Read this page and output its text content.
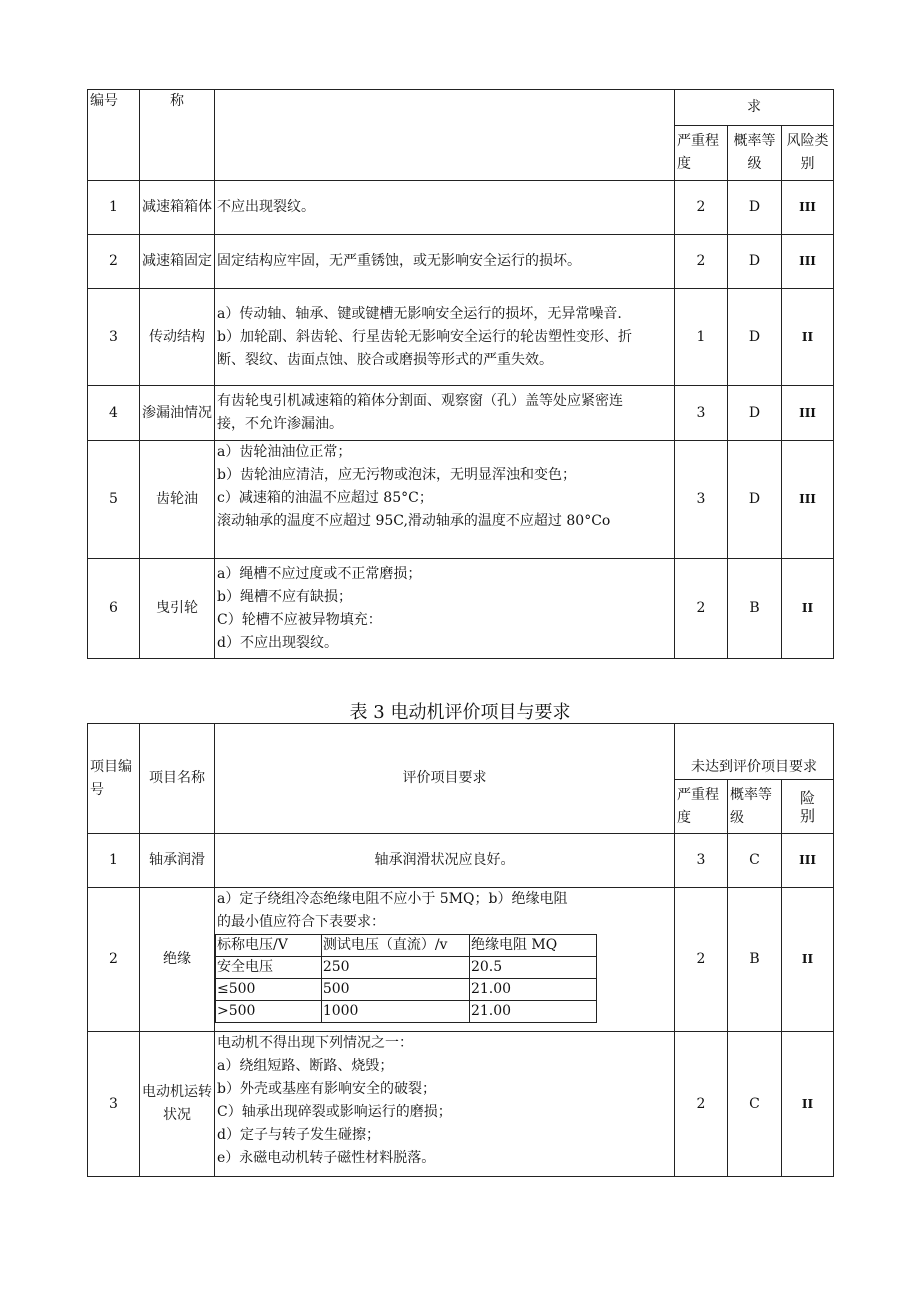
编号	称		求		
			严重程度	概率等级	风险类别
1	减速箱箱体	不应出现裂纹。	2	D	III
2	减速箱固定	固定结构应牢固，无严重锈蚀，或无影响安全运行的损坏。	2	D	III
3	传动结构	a）传动轴、轴承、键或键槽无影响安全运行的损坏，无异常噪音.
b）加轮副、斜齿轮、行星齿轮无影响安全运行的轮齿塑性变形、折
断、裂纹、齿面点蚀、胶合或磨损等形式的严重失效。	1	D	II
4	渗漏油情况	有齿轮曳引机减速箱的箱体分割面、观察窗（孔）盖等处应紧密连
接，不允许渗漏油。	3	D	III
5	齿轮油	a）齿轮油油位正常；
b）齿轮油应清洁，应无污物或泡沫，无明显浑浊和变色；
c）减速箱的油温不应超过 85°C；
滚动轴承的温度不应超过 95C,滑动轴承的温度不应超过 80°Co	3	D	III
6	曳引轮	a）绳槽不应过度或不正常磨损；
b）绳槽不应有缺损；
C）轮槽不应被异物填充：
d）不应出现裂纹。	2	B	II
表 3 电动机评价项目与要求
项目编号	项目名称	评价项目要求	未达到评价项目要求
严重程度	概率等级	险别
1	轴承润滑	轴承润滑状况应良好。	3	C	III
2	绝缘	
a）定子绕组冷态绝缘电阻不应小于 5MQ；b）绝缘电阻
的最小值应符合下表要求：
标称电压/V	测试电压（直流）/v	绝缘电阻 MQ
安全电压	250	20.5
≤500	500	21.00
>500	1000	21.00
	2	B	II
3	电动机运转状况	
电动机不得出现下列情况之一：
a）绕组短路、断路、烧毁；
b）外壳或基座有影响安全的破裂；
C）轴承出现碎裂或影响运行的磨损；
d）定子与转子发生碰擦；
e）永磁电动机转子磁性材料脱落。
	2	C	II
